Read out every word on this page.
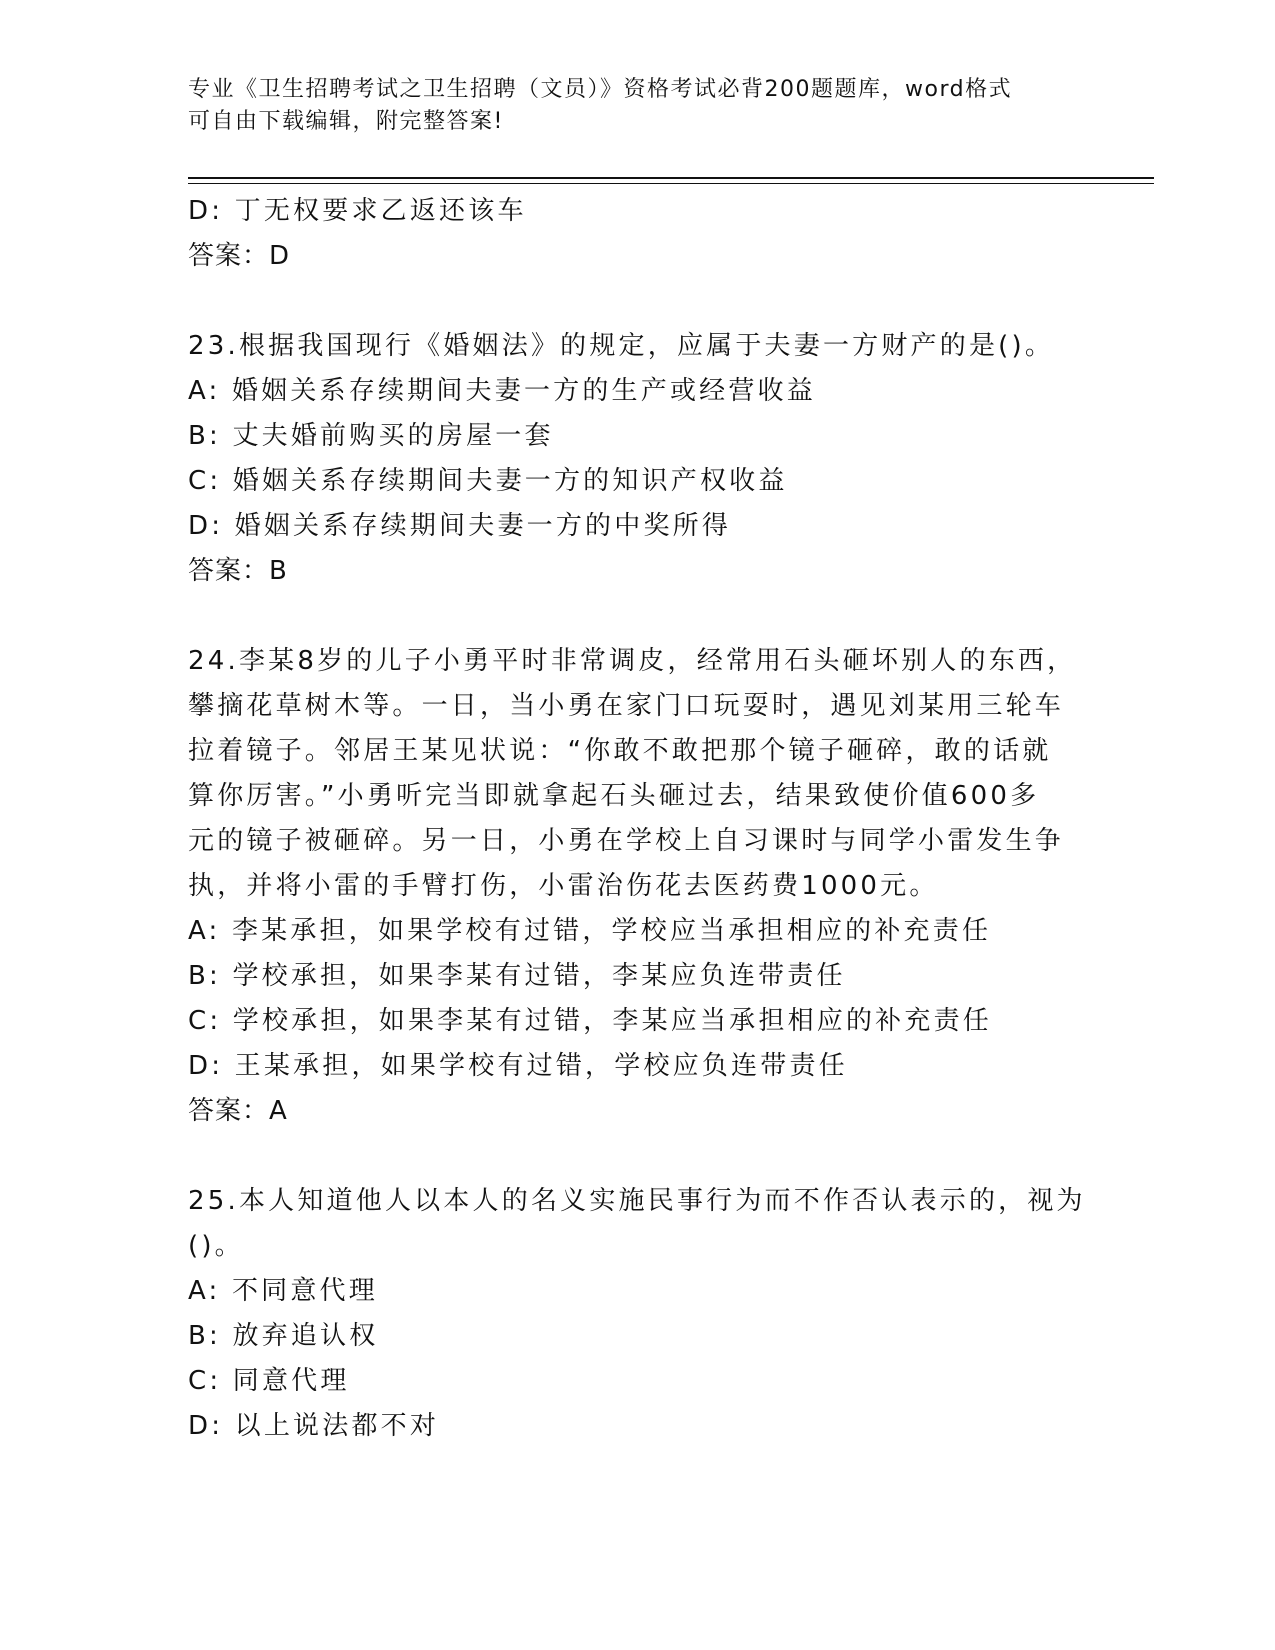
专业《卫生招聘考试之卫生招聘（文员）》资格考试必背200题题库，word格式
可自由下载编辑，附完整答案!
D: 丁无权要求乙返还该车
答案：D
23.根据我国现行《婚姻法》的规定，应属于夫妻一方财产的是()。
A: 婚姻关系存续期间夫妻一方的生产或经营收益
B: 丈夫婚前购买的房屋一套
C: 婚姻关系存续期间夫妻一方的知识产权收益
D: 婚姻关系存续期间夫妻一方的中奖所得
答案：B
24.李某8岁的儿子小勇平时非常调皮，经常用石头砸坏别人的东西，
攀摘花草树木等。一日，当小勇在家门口玩耍时，遇见刘某用三轮车
拉着镜子。邻居王某见状说：“你敢不敢把那个镜子砸碎，敢的话就
算你厉害。”小勇听完当即就拿起石头砸过去，结果致使价值600多
元的镜子被砸碎。另一日，小勇在学校上自习课时与同学小雷发生争
执，并将小雷的手臂打伤，小雷治伤花去医药费1000元。
A: 李某承担，如果学校有过错，学校应当承担相应的补充责任
B: 学校承担，如果李某有过错，李某应负连带责任
C: 学校承担，如果李某有过错，李某应当承担相应的补充责任
D: 王某承担，如果学校有过错，学校应负连带责任
答案：A
25.本人知道他人以本人的名义实施民事行为而不作否认表示的，视为
()。
A: 不同意代理
B: 放弃追认权
C: 同意代理
D: 以上说法都不对
